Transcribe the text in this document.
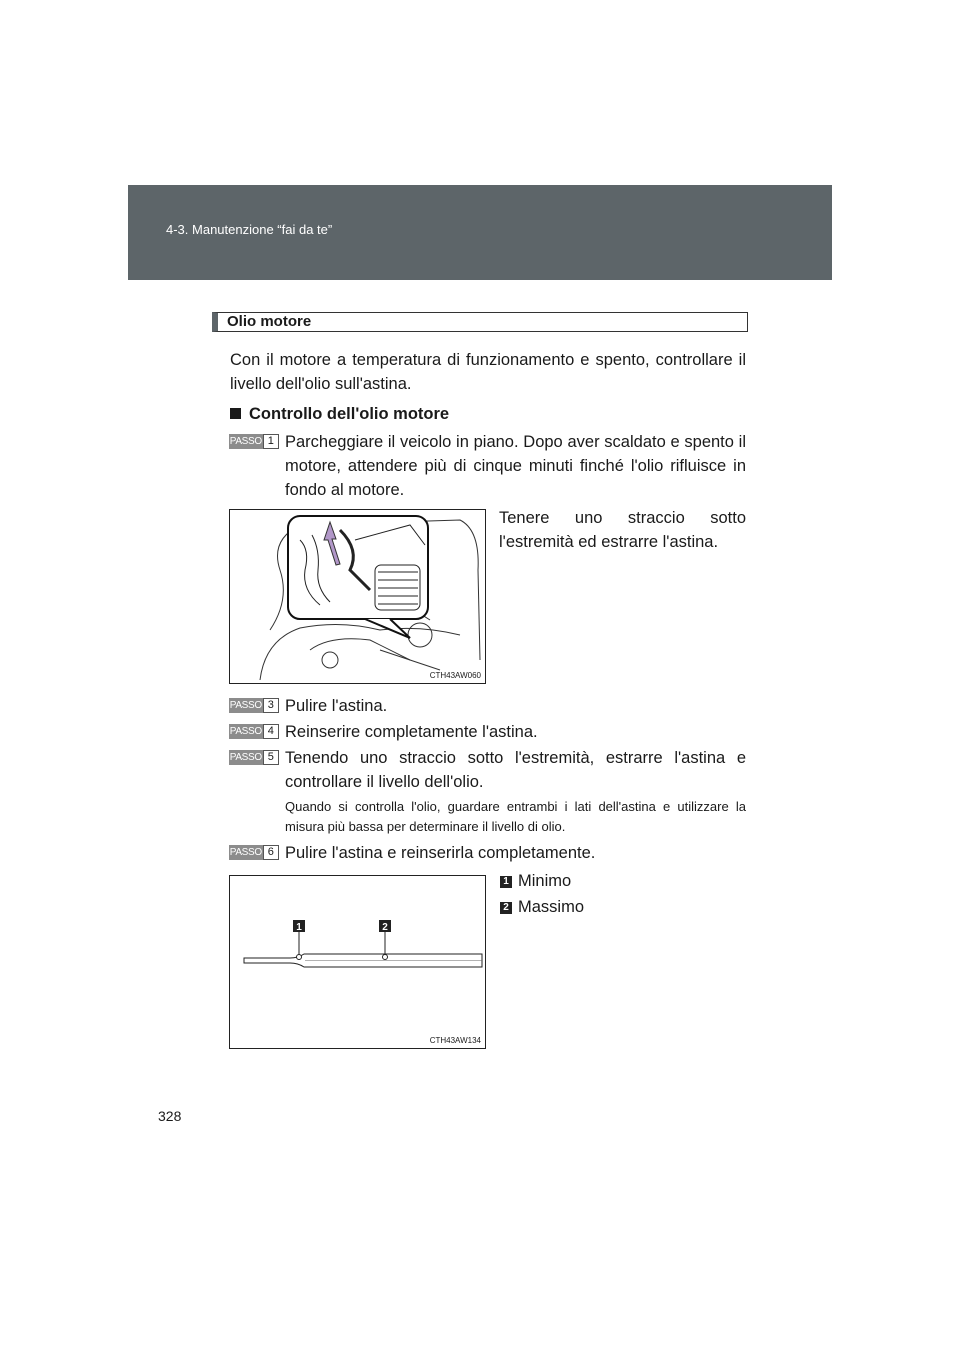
4-3. Manutenzione “fai da te”
Olio motore
Con il motore a temperatura di funzionamento e spento, controllare il livello dell'olio sull'astina.
Controllo dell'olio motore
PASSO 1 Parcheggiare il veicolo in piano. Dopo aver scaldato e spento il motore, attendere più di cinque minuti finché l'olio rifluisce in fondo al motore.
CTH43AW060
Tenere uno straccio sotto l'estremità ed estrarre l'astina.
PASSO 3 Pulire l'astina.
PASSO 4 Reinserire completamente l'astina.
PASSO 5 Tenendo uno straccio sotto l'estremità, estrarre l'astina e controllare il livello dell'olio.
Quando si controlla l'olio, guardare entrambi i lati dell'astina e utilizzare la misura più bassa per determinare il livello di olio.
PASSO 6 Pulire l'astina e reinserirla completamente.
1	2
CTH43AW134
1 Minimo
2 Massimo
328
